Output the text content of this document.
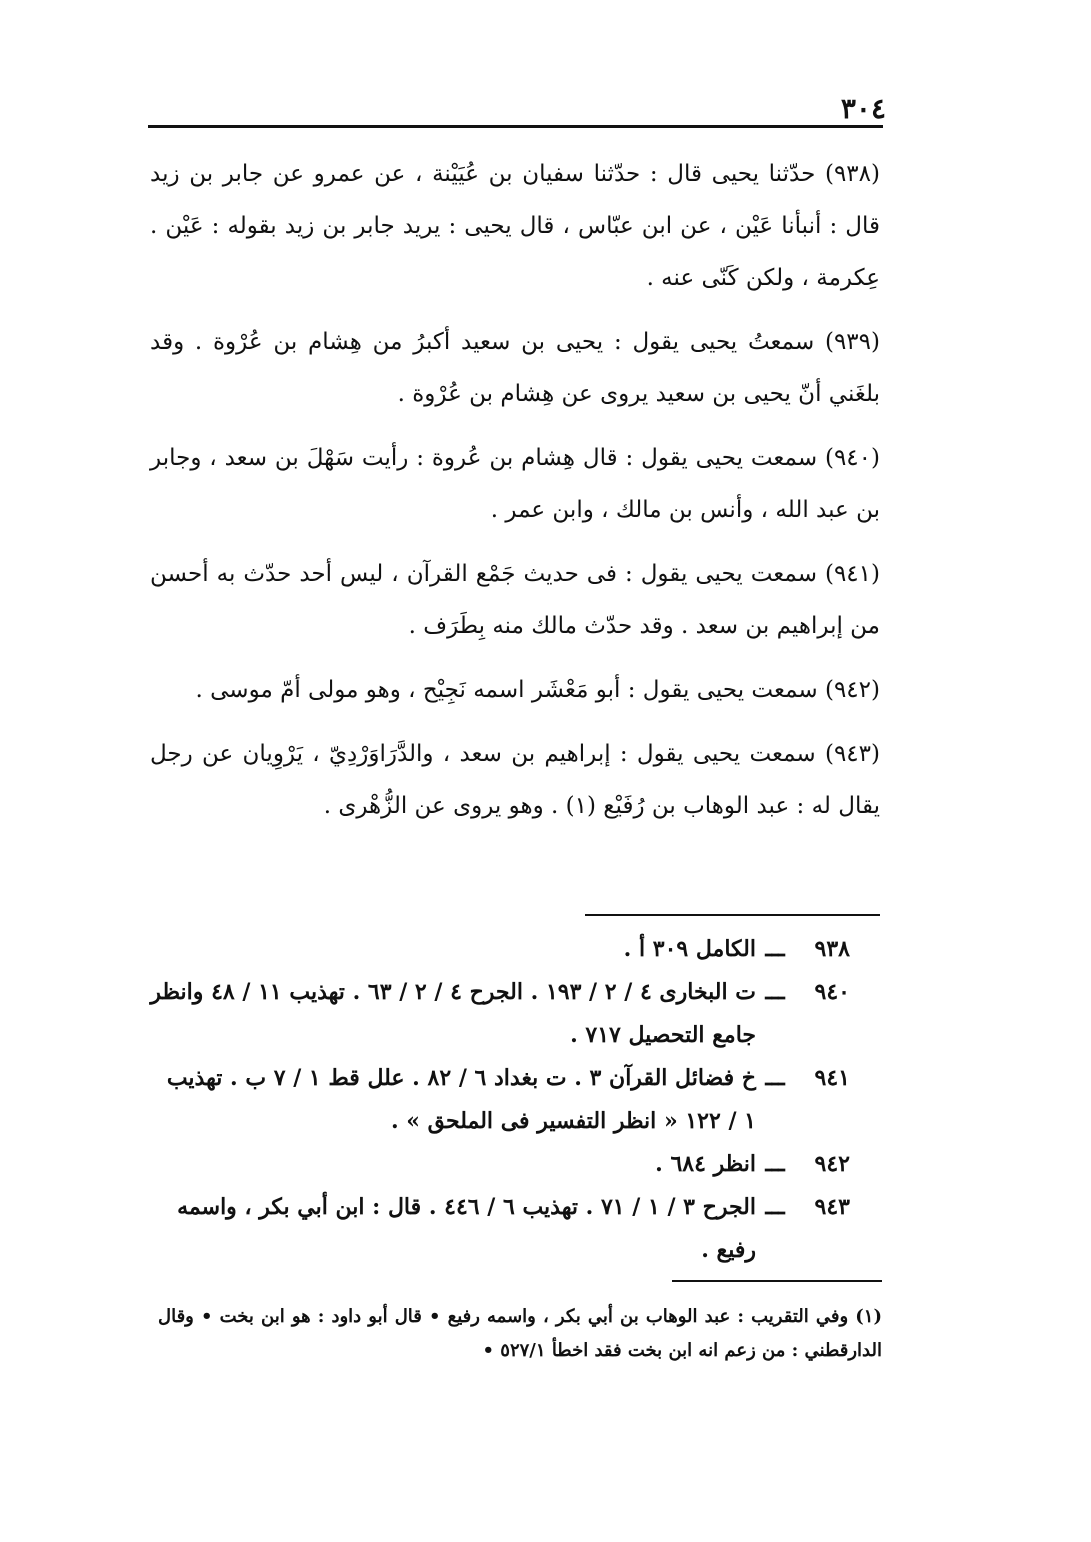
٣٠٤

(٩٣٨) حدّثنا يحيى قال : حدّثنا سفيان بن عُيَيْنة ، عن عمرو عن جابر بن زيد قال : أنبأنا عَيْن ، عن ابن عبّاس ، قال يحيى : يريد جابر بن زيد بقوله : عَيْن . عِكرمة ، ولكن كَنّى عنه .

(٩٣٩) سمعتُ يحيى يقول : يحيى بن سعيد أكبرُ من هِشام بن عُرْوة . وقد بلغَني أنّ يحيى بن سعيد يروى عن هِشام بن عُرْوة .

(٩٤٠) سمعت يحيى يقول : قال هِشام بن عُروة : رأيت سَهْلَ بن سعد ، وجابر بن عبد الله ، وأنس بن مالك ، وابن عمر .

(٩٤١) سمعت يحيى يقول : فى حديث جَمْع القرآن ، ليس أحد حدّث به أحسن من إبراهيم بن سعد . وقد حدّث مالك منه بِطَرَف .

(٩٤٢) سمعت يحيى يقول : أبو مَعْشَر اسمه نَجِيْح ، وهو مولى أمّ موسى .

(٩٤٣) سمعت يحيى يقول : إبراهيم بن سعد ، والدَّرَاوَرْدِيّ ، يَرْوِيان عن رجل يقال له : عبد الوهاب بن رُفَيْع (١) . وهو يروى عن الزُّهْرى .

٩٣٨
ـــ
الكامل ٣٠٩ أ .
٩٤٠
ـــ
ت البخارى ٤ / ٢ / ١٩٣ . الجرح ٤ / ٢ / ٦٣ . تهذيب ١١ / ٤٨ وانظر جامع التحصيل ٧١٧ .
٩٤١
ـــ
خ فضائل القرآن ٣ . ت بغداد ٦ / ٨٢ . علل قط ١ / ٧ ب . تهذيب ١ / ١٢٢ « انظر التفسير فى الملحق » .
٩٤٢
ـــ
انظر ٦٨٤ .
٩٤٣
ـــ
الجرح ٣ / ١ / ٧١ . تهذيب ٦ / ٤٤٦ . قال : ابن أبي بكر ، واسمه رفيع .
(١) وفي التقريب : عبد الوهاب بن أبي بكر ، واسمه رفيع • قال أبو داود : هو ابن بخت • وقال الدارقطني : من زعم انه ابن بخت فقد اخطأ ٥٢٧/١ •
